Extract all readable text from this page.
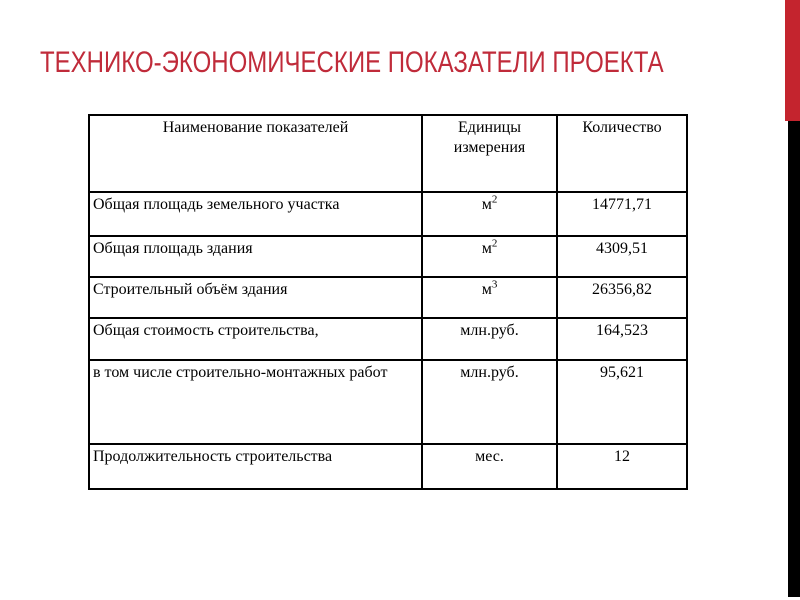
ТЕХНИКО-ЭКОНОМИЧЕСКИЕ ПОКАЗАТЕЛИ ПРОЕКТА
Наименование показателей	Единицы измерения	Количество
Общая площадь земельного участка	$м^2$	14771,71
Общая площадь здания	$м^2$	4309,51
Строительный объём здания	$м^3$	26356,82
Общая стоимость строительства,	млн.руб.	164,523
в том числе строительно-монтажных работ	млн.руб.	95,621
Продолжительность строительства	мес.	12
